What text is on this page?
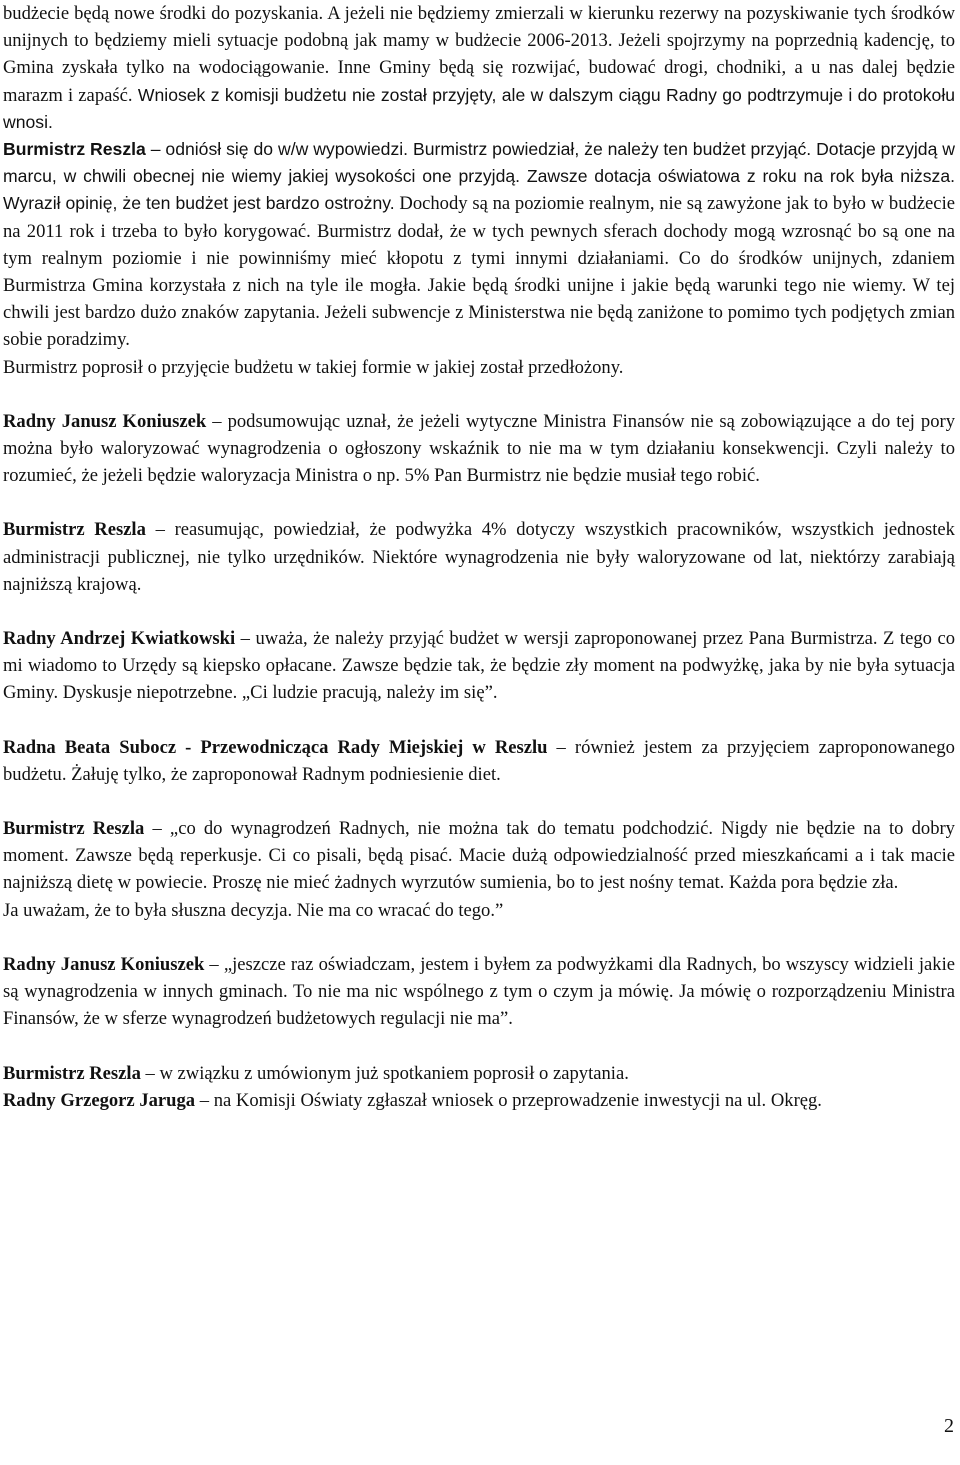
budżecie będą nowe środki do pozyskania. A jeżeli nie będziemy zmierzali w kierunku rezerwy na pozyskiwanie tych środków unijnych to będziemy mieli sytuacje podobną jak mamy w budżecie 2006-2013. Jeżeli spojrzymy na poprzednią kadencję, to Gmina zyskała tylko na wodociągowanie. Inne Gminy będą się rozwijać, budować drogi, chodniki, a u nas dalej będzie marazm i zapaść. Wniosek z komisji budżetu nie został przyjęty, ale w dalszym ciągu Radny go podtrzymuje i do protokołu wnosi.
Burmistrz Reszla – odniósł się do w/w wypowiedzi. Burmistrz powiedział, że należy ten budżet przyjąć. Dotacje przyjdą w marcu, w chwili obecnej nie wiemy jakiej wysokości one przyjdą. Zawsze dotacja oświatowa z roku na rok była niższa. Wyraził opinię, że ten budżet jest bardzo ostrożny. Dochody są na poziomie realnym, nie są zawyżone jak to było w budżecie na 2011 rok i trzeba to było korygować. Burmistrz dodał, że w tych pewnych sferach dochody mogą wzrosnąć bo są one na tym realnym poziomie i nie powinniśmy mieć kłopotu z tymi innymi działaniami. Co do środków unijnych, zdaniem Burmistrza Gmina korzystała z nich na tyle ile mogła. Jakie będą środki unijne i jakie będą warunki tego nie wiemy. W tej chwili jest bardzo dużo znaków zapytania. Jeżeli subwencje z Ministerstwa nie będą zaniżone to pomimo tych podjętych zmian sobie poradzimy.
Burmistrz poprosił o przyjęcie budżetu w takiej formie w jakiej został przedłożony.

Radny Janusz Koniuszek – podsumowując uznał, że jeżeli wytyczne Ministra Finansów nie są zobowiązujące a do tej pory można było waloryzować wynagrodzenia o ogłoszony wskaźnik to nie ma w tym działaniu konsekwencji. Czyli należy to rozumieć, że jeżeli będzie waloryzacja Ministra o np. 5% Pan Burmistrz nie będzie musiał tego robić.

Burmistrz Reszla – reasumując, powiedział, że podwyżka 4% dotyczy wszystkich pracowników, wszystkich jednostek administracji publicznej, nie tylko urzędników. Niektóre wynagrodzenia nie były waloryzowane od lat, niektórzy zarabiają najniższą krajową.

Radny Andrzej Kwiatkowski – uważa, że należy przyjąć budżet w wersji zaproponowanej przez Pana Burmistrza. Z tego co mi wiadomo to Urzędy są kiepsko opłacane. Zawsze będzie tak, że będzie zły moment na podwyżkę, jaka by nie była sytuacja Gminy. Dyskusje niepotrzebne. „Ci ludzie pracują, należy im się”.

Radna Beata Subocz - Przewodnicząca Rady Miejskiej w Reszlu – również jestem za przyjęciem zaproponowanego budżetu. Żałuję tylko, że zaproponował Radnym podniesienie diet.

Burmistrz Reszla – „co do wynagrodzeń Radnych, nie można tak do tematu podchodzić. Nigdy nie będzie na to dobry moment. Zawsze będą reperkusje. Ci co pisali, będą pisać. Macie dużą odpowiedzialność przed mieszkańcami a i tak macie najniższą dietę w powiecie. Proszę nie mieć żadnych wyrzutów sumienia, bo to jest nośny temat. Każda pora będzie zła.
Ja uważam, że to była słuszna decyzja. Nie ma co wracać do tego.”

Radny Janusz Koniuszek – „jeszcze raz oświadczam, jestem i byłem za podwyżkami dla Radnych, bo wszyscy widzieli jakie są wynagrodzenia w innych gminach. To nie ma nic wspólnego z tym o czym ja mówię. Ja mówię o rozporządzeniu Ministra Finansów, że w sferze wynagrodzeń budżetowych regulacji nie ma”.

Burmistrz Reszla – w związku z umówionym już spotkaniem poprosił o zapytania.

Radny Grzegorz Jaruga – na Komisji Oświaty zgłaszał wniosek o przeprowadzenie inwestycji na ul. Okręg.

2
